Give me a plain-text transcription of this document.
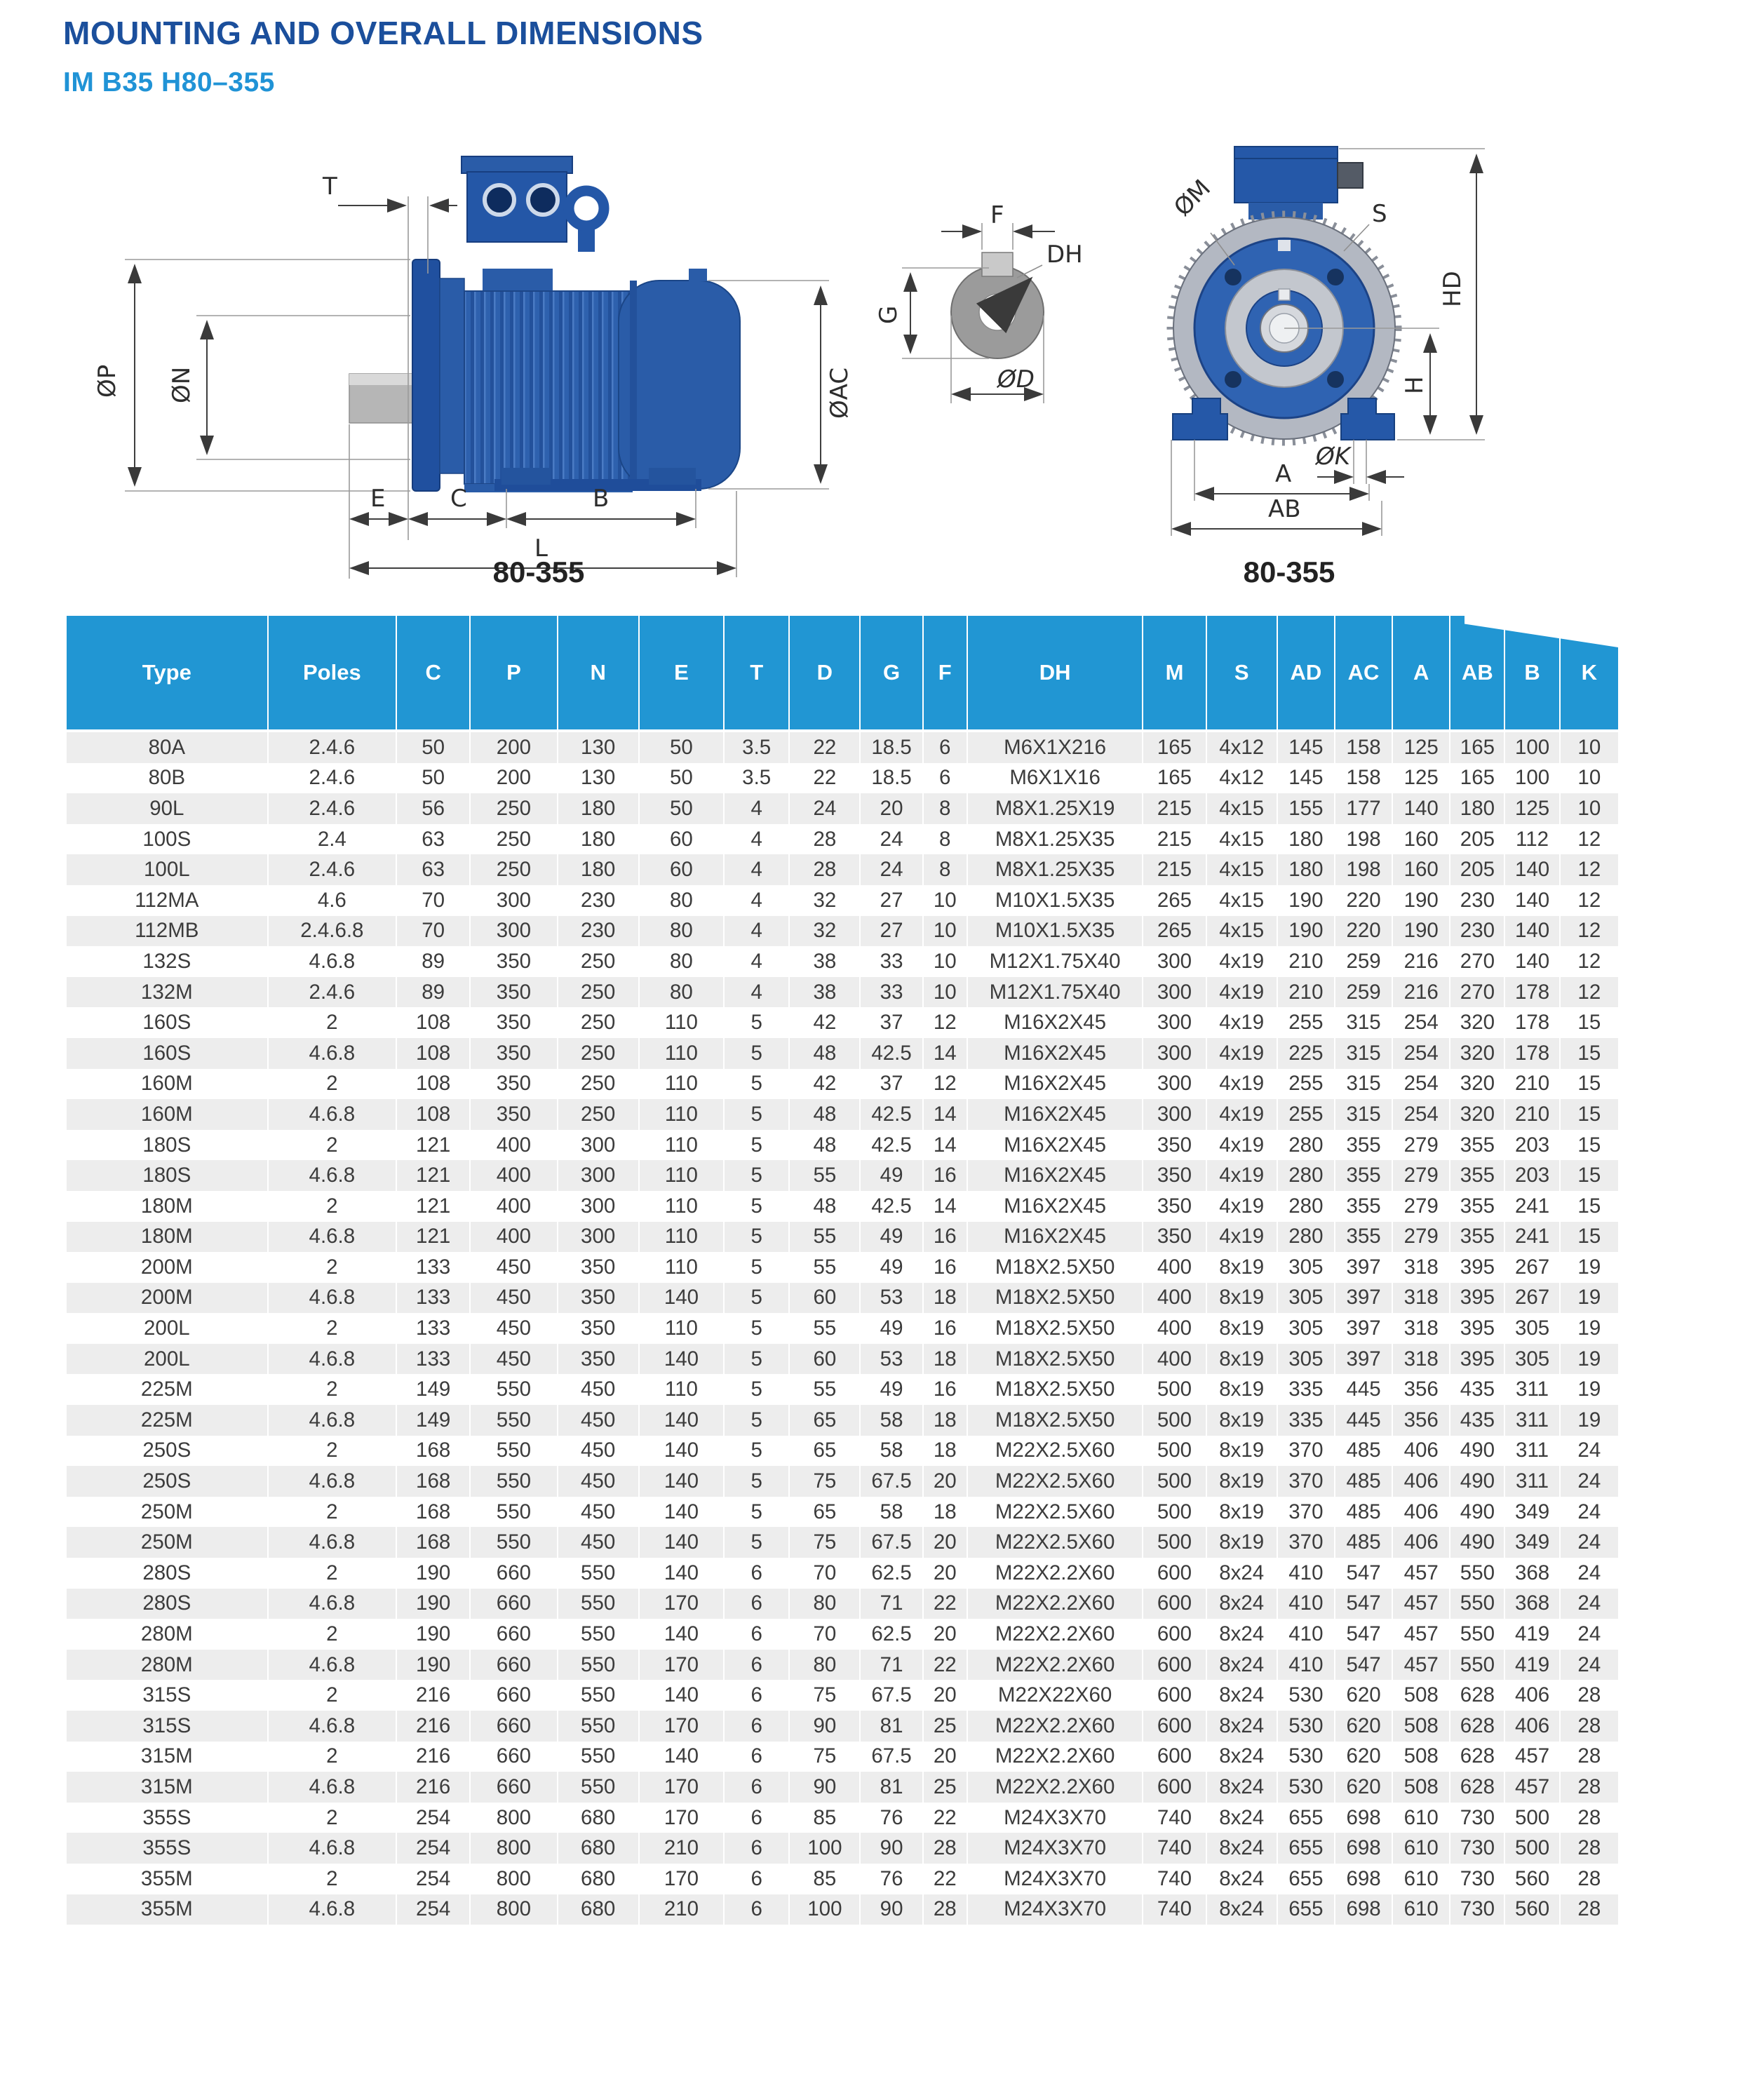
MOUNTING AND OVERALL DIMENSIONS
IM B35 H80–355
T
ØP ØN	ØAC
E	C	B
L
F
DH
G
ØD
ØM	S
HD
H
ØK
A
AB
80-355	80-355
Type	Poles	C	P	N	E	T	D	G	F	DH	M	S	AD	AC	A	AB	B	K
80A	2.4.6	50	200	130	50	3.5	22	18.5	6	M6X1X216	165	4x12	145	158	125	165	100	10
80B	2.4.6	50	200	130	50	3.5	22	18.5	6	M6X1X16	165	4x12	145	158	125	165	100	10
90L	2.4.6	56	250	180	50	4	24	20	8	M8X1.25X19	215	4x15	155	177	140	180	125	10
100S	2.4	63	250	180	60	4	28	24	8	M8X1.25X35	215	4x15	180	198	160	205	112	12
100L	2.4.6	63	250	180	60	4	28	24	8	M8X1.25X35	215	4x15	180	198	160	205	140	12
112MA	4.6	70	300	230	80	4	32	27	10	M10X1.5X35	265	4x15	190	220	190	230	140	12
112MB	2.4.6.8	70	300	230	80	4	32	27	10	M10X1.5X35	265	4x15	190	220	190	230	140	12
132S	4.6.8	89	350	250	80	4	38	33	10	M12X1.75X40	300	4x19	210	259	216	270	140	12
132M	2.4.6	89	350	250	80	4	38	33	10	M12X1.75X40	300	4x19	210	259	216	270	178	12
160S	2	108	350	250	110	5	42	37	12	M16X2X45	300	4x19	255	315	254	320	178	15
160S	4.6.8	108	350	250	110	5	48	42.5	14	M16X2X45	300	4x19	225	315	254	320	178	15
160M	2	108	350	250	110	5	42	37	12	M16X2X45	300	4x19	255	315	254	320	210	15
160M	4.6.8	108	350	250	110	5	48	42.5	14	M16X2X45	300	4x19	255	315	254	320	210	15
180S	2	121	400	300	110	5	48	42.5	14	M16X2X45	350	4x19	280	355	279	355	203	15
180S	4.6.8	121	400	300	110	5	55	49	16	M16X2X45	350	4x19	280	355	279	355	203	15
180M	2	121	400	300	110	5	48	42.5	14	M16X2X45	350	4x19	280	355	279	355	241	15
180M	4.6.8	121	400	300	110	5	55	49	16	M16X2X45	350	4x19	280	355	279	355	241	15
200M	2	133	450	350	110	5	55	49	16	M18X2.5X50	400	8x19	305	397	318	395	267	19
200M	4.6.8	133	450	350	140	5	60	53	18	M18X2.5X50	400	8x19	305	397	318	395	267	19
200L	2	133	450	350	110	5	55	49	16	M18X2.5X50	400	8x19	305	397	318	395	305	19
200L	4.6.8	133	450	350	140	5	60	53	18	M18X2.5X50	400	8x19	305	397	318	395	305	19
225M	2	149	550	450	110	5	55	49	16	M18X2.5X50	500	8x19	335	445	356	435	311	19
225M	4.6.8	149	550	450	140	5	65	58	18	M18X2.5X50	500	8x19	335	445	356	435	311	19
250S	2	168	550	450	140	5	65	58	18	M22X2.5X60	500	8x19	370	485	406	490	311	24
250S	4.6.8	168	550	450	140	5	75	67.5	20	M22X2.5X60	500	8x19	370	485	406	490	311	24
250M	2	168	550	450	140	5	65	58	18	M22X2.5X60	500	8x19	370	485	406	490	349	24
250M	4.6.8	168	550	450	140	5	75	67.5	20	M22X2.5X60	500	8x19	370	485	406	490	349	24
280S	2	190	660	550	140	6	70	62.5	20	M22X2.2X60	600	8x24	410	547	457	550	368	24
280S	4.6.8	190	660	550	170	6	80	71	22	M22X2.2X60	600	8x24	410	547	457	550	368	24
280M	2	190	660	550	140	6	70	62.5	20	M22X2.2X60	600	8x24	410	547	457	550	419	24
280M	4.6.8	190	660	550	170	6	80	71	22	M22X2.2X60	600	8x24	410	547	457	550	419	24
315S	2	216	660	550	140	6	75	67.5	20	M22X22X60	600	8x24	530	620	508	628	406	28
315S	4.6.8	216	660	550	170	6	90	81	25	M22X2.2X60	600	8x24	530	620	508	628	406	28
315M	2	216	660	550	140	6	75	67.5	20	M22X2.2X60	600	8x24	530	620	508	628	457	28
315M	4.6.8	216	660	550	170	6	90	81	25	M22X2.2X60	600	8x24	530	620	508	628	457	28
355S	2	254	800	680	170	6	85	76	22	M24X3X70	740	8x24	655	698	610	730	500	28
355S	4.6.8	254	800	680	210	6	100	90	28	M24X3X70	740	8x24	655	698	610	730	500	28
355M	2	254	800	680	170	6	85	76	22	M24X3X70	740	8x24	655	698	610	730	560	28
355M	4.6.8	254	800	680	210	6	100	90	28	M24X3X70	740	8x24	655	698	610	730	560	28
